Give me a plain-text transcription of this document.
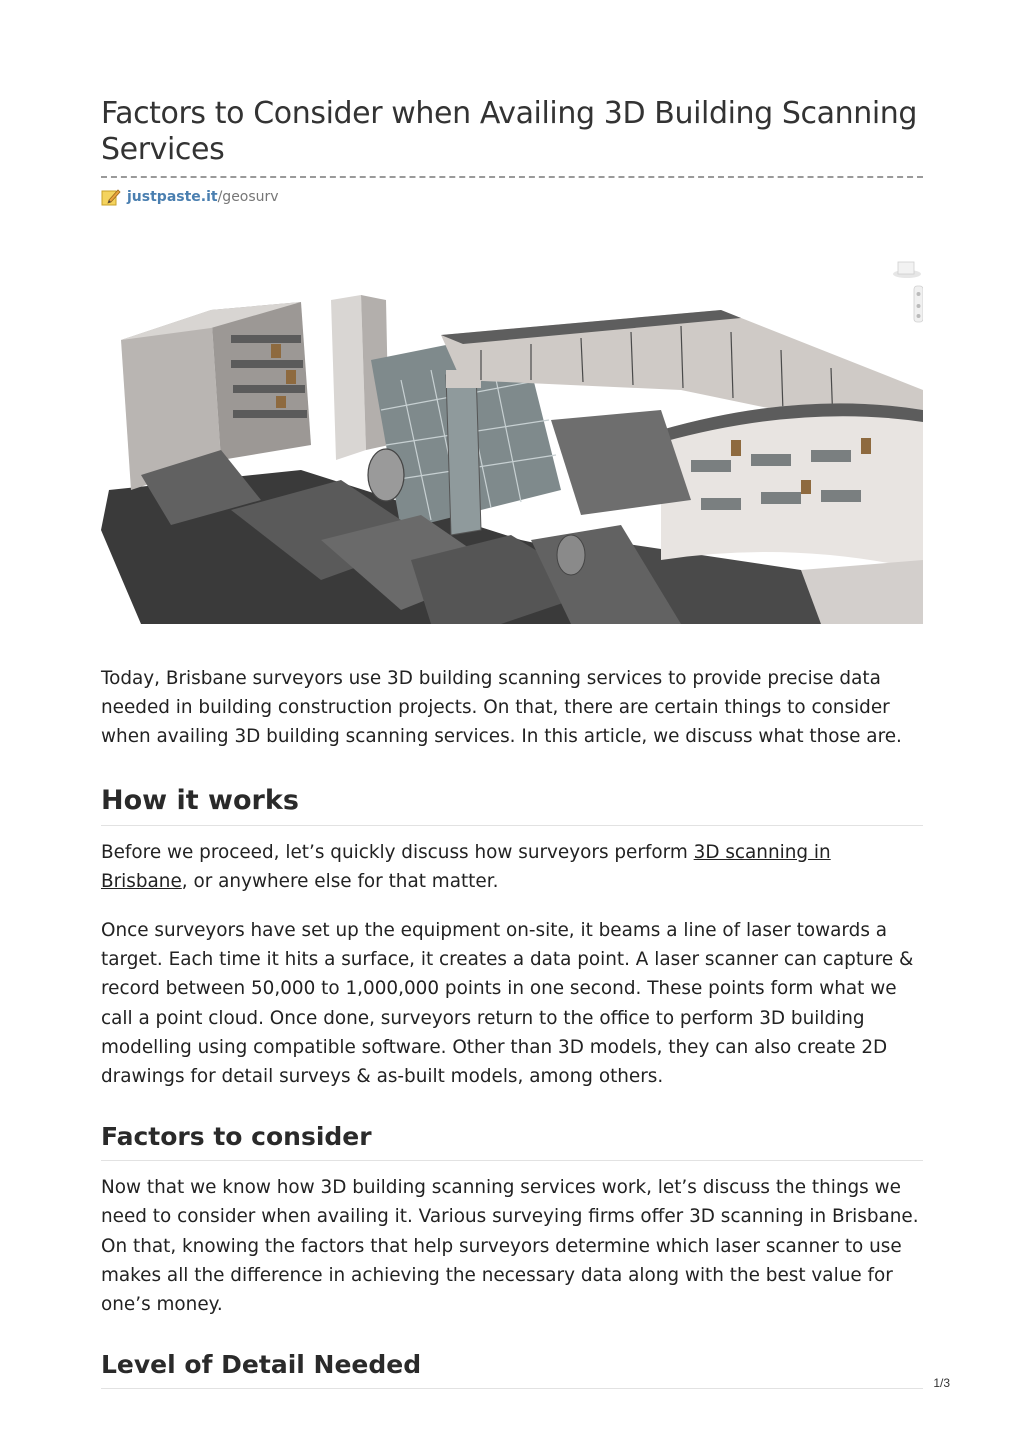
Factors to Consider when Availing 3D Building Scanning Services
justpaste.it /geosurv

Today, Brisbane surveyors use 3D building scanning services to provide precise data needed in building construction projects. On that, there are certain things to consider when availing 3D building scanning services. In this article, we discuss what those are.

How it works

Before we proceed, let’s quickly discuss how surveyors perform 3D scanning in Brisbane, or anywhere else for that matter.

Once surveyors have set up the equipment on-site, it beams a line of laser towards a target. Each time it hits a surface, it creates a data point. A laser scanner can capture & record between 50,000 to 1,000,000 points in one second. These points form what we call a point cloud. Once done, surveyors return to the office to perform 3D building modelling using compatible software. Other than 3D models, they can also create 2D drawings for detail surveys & as-built models, among others.

Factors to consider

Now that we know how 3D building scanning services work, let’s discuss the things we need to consider when availing it. Various surveying firms offer 3D scanning in Brisbane. On that, knowing the factors that help surveyors determine which laser scanner to use makes all the difference in achieving the necessary data along with the best value for one’s money.

Level of Detail Needed
1/3
